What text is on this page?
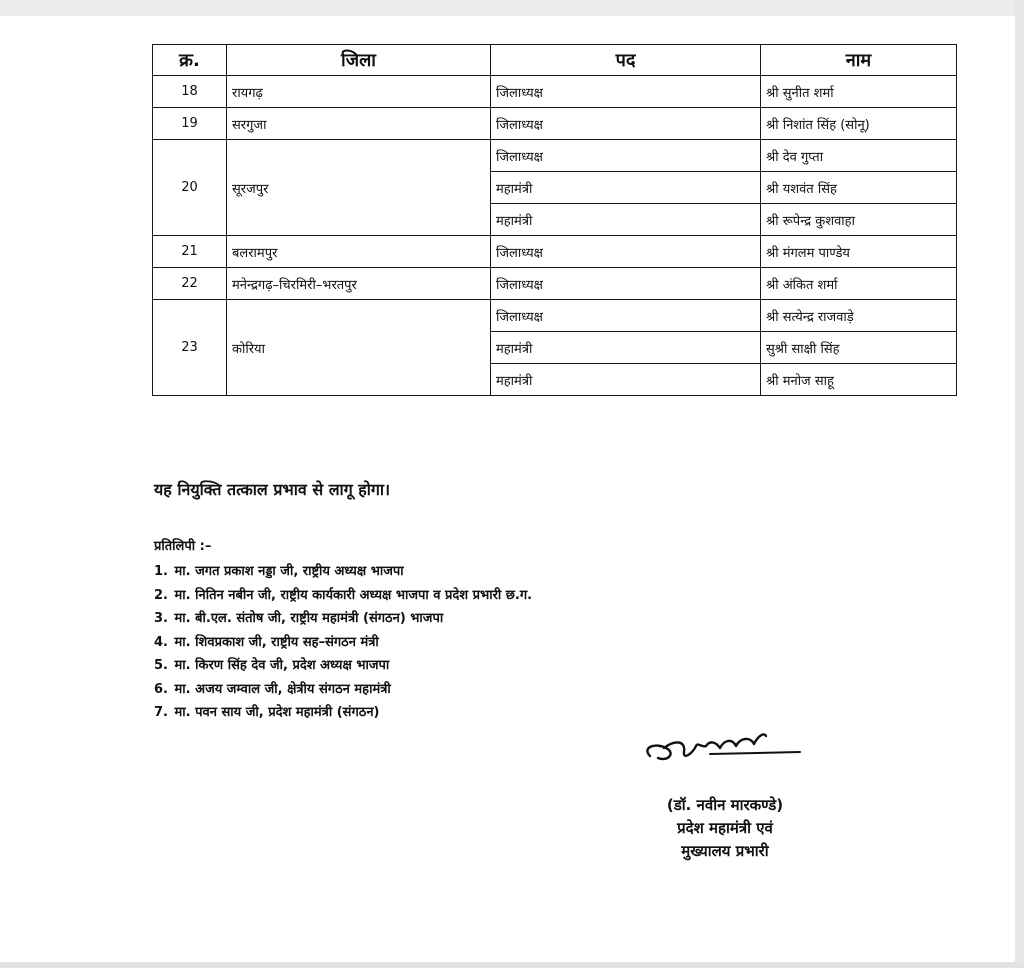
क्र.	जिला	पद	नाम
18	रायगढ़	जिलाध्यक्ष	श्री सुनीत शर्मा
19	सरगुजा	जिलाध्यक्ष	श्री निशांत सिंह (सोनू)
20	सूरजपुर	जिलाध्यक्ष	श्री देव गुप्ता
		महामंत्री	श्री यशवंत सिंह
		महामंत्री	श्री रूपेन्द्र कुशवाहा
21	बलरामपुर	जिलाध्यक्ष	श्री मंगलम पाण्डेय
22	मनेन्द्रगढ़–चिरमिरी–भरतपुर	जिलाध्यक्ष	श्री अंकित शर्मा
23	कोरिया	जिलाध्यक्ष	श्री सत्येन्द्र राजवाड़े
		महामंत्री	सुश्री साक्षी सिंह
		महामंत्री	श्री मनोज साहू
यह नियुक्ति तत्काल प्रभाव से लागू होगा।
प्रतिलिपी :–
1. मा. जगत प्रकाश नड्डा जी, राष्ट्रीय अध्यक्ष भाजपा
2. मा. नितिन नबीन जी, राष्ट्रीय कार्यकारी अध्यक्ष भाजपा व प्रदेश प्रभारी छ.ग.
3. मा. बी.एल. संतोष जी, राष्ट्रीय महामंत्री (संगठन) भाजपा
4. मा. शिवप्रकाश जी, राष्ट्रीय सह–संगठन मंत्री
5. मा. किरण सिंह देव जी, प्रदेश अध्यक्ष भाजपा
6. मा. अजय जम्वाल जी, क्षेत्रीय संगठन महामंत्री
7. मा. पवन साय जी, प्रदेश महामंत्री (संगठन)
(डॉ. नवीन मारकण्डे)
प्रदेश महामंत्री एवं
मुख्यालय प्रभारी
